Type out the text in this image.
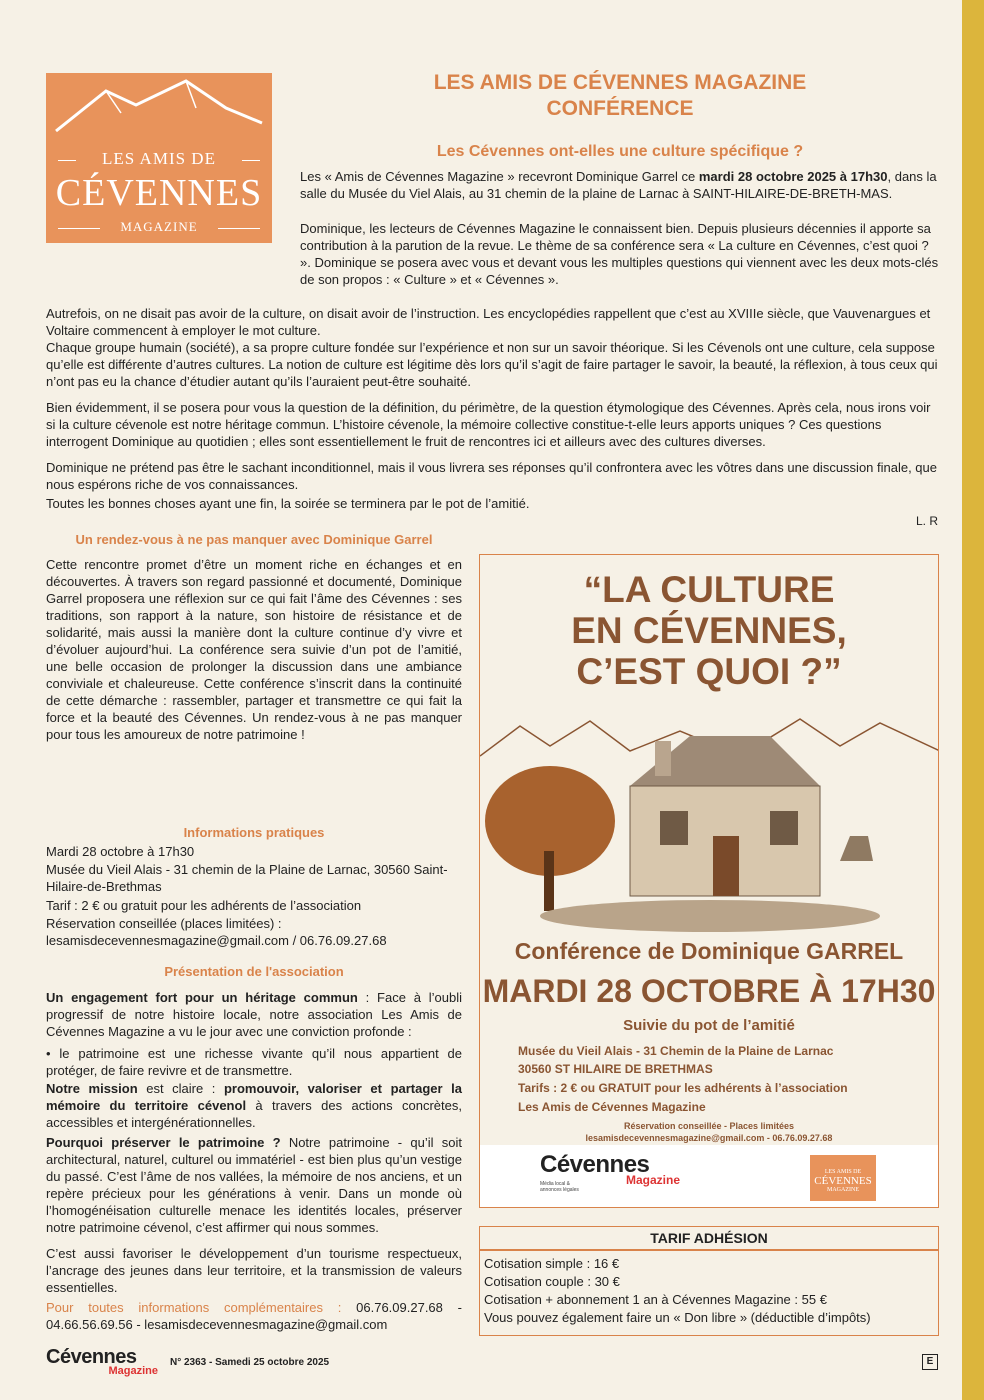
LES AMIS DE
CÉVENNES
MAGAZINE
LES AMIS DE CÉVENNES MAGAZINE
CONFÉRENCE
Les Cévennes ont-elles une culture spécifique ?
Les « Amis de Cévennes Magazine » recevront Dominique Garrel ce mardi 28 octobre 2025 à 17h30, dans la salle du Musée du Viel Alais, au 31 chemin de la plaine de Larnac à SAINT-HILAIRE-DE-BRETH-MAS.
Dominique, les lecteurs de Cévennes Magazine le connaissent bien. Depuis plusieurs décennies il apporte sa contribution à la parution de la revue. Le thème de sa conférence sera « La culture en Cévennes, c’est quoi ? ». Dominique se posera avec vous et devant vous les multiples questions qui viennent avec les deux mots-clés de son propos : « Culture » et « Cévennes ».
Autrefois, on ne disait pas avoir de la culture, on disait avoir de l’instruction. Les encyclopédies rappellent que c’est au XVIIIe siècle, que Vauvenargues et Voltaire commencent à employer le mot culture.
Chaque groupe humain (société), a sa propre culture fondée sur l’expérience et non sur un savoir théorique. Si les Cévenols ont une culture, cela suppose qu’elle est différente d’autres cultures. La notion de culture est légitime dès lors qu’il s’agit de faire partager le savoir, la beauté, la réflexion, à tous ceux qui n’ont pas eu la chance d’étudier autant qu’ils l’auraient peut-être souhaité.
Bien évidemment, il se posera pour vous la question de la définition, du périmètre, de la question étymologique des Cévennes. Après cela, nous irons voir si la culture cévenole est notre héritage commun. L’histoire cévenole, la mémoire collective constitue-t-elle leurs apports uniques ? Ces questions interrogent Dominique au quotidien ; elles sont essentiellement le fruit de rencontres ici et ailleurs avec des cultures diverses.
Dominique ne prétend pas être le sachant inconditionnel, mais il vous livrera ses réponses qu’il confrontera avec les vôtres dans une discussion finale, que nous espérons riche de vos connaissances.
Toutes les bonnes choses ayant une fin, la soirée se terminera par le pot de l’amitié.
L. R
Un rendez-vous à ne pas manquer avec Dominique Garrel
Cette rencontre promet d’être un moment riche en échanges et en découvertes. À travers son regard passionné et documenté, Dominique Garrel proposera une réflexion sur ce qui fait l’âme des Cévennes : ses traditions, son rapport à la nature, son histoire de résistance et de solidarité, mais aussi la manière dont la culture continue d’y vivre et d’évoluer aujourd’hui. La conférence sera suivie d’un pot de l’amitié, une belle occasion de prolonger la discussion dans une ambiance conviviale et chaleureuse. Cette conférence s’inscrit dans la continuité de cette démarche : rassembler, partager et transmettre ce qui fait la force et la beauté des Cévennes. Un rendez-vous à ne pas manquer pour tous les amoureux de notre patrimoine !
Informations pratiques
Mardi 28 octobre à 17h30
Musée du Vieil Alais - 31 chemin de la Plaine de Larnac, 30560 Saint-Hilaire-de-Brethmas
Tarif : 2 € ou gratuit pour les adhérents de l’association
Réservation conseillée (places limitées) : lesamisdecevennesmagazine@gmail.com / 06.76.09.27.68
Présentation de l'association
Un engagement fort pour un héritage commun : Face à l’oubli progressif de notre histoire locale, notre association Les Amis de Cévennes Magazine a vu le jour avec une conviction profonde :
• le patrimoine est une richesse vivante qu’il nous appartient de protéger, de faire revivre et de transmettre.
Notre mission est claire : promouvoir, valoriser et partager la mémoire du territoire cévenol à travers des actions concrètes, accessibles et intergénérationnelles.
Pourquoi préserver le patrimoine ? Notre patrimoine - qu’il soit architectural, naturel, culturel ou immatériel - est bien plus qu’un vestige du passé. C’est l’âme de nos vallées, la mémoire de nos anciens, et un repère précieux pour les générations à venir. Dans un monde où l’homogénéisation culturelle menace les identités locales, préserver notre patrimoine cévenol, c’est affirmer qui nous sommes.
C’est aussi favoriser le développement d’un tourisme respectueux, l’ancrage des jeunes dans leur territoire, et la transmission de valeurs essentielles.
Pour toutes informations complémentaires : 06.76.09.27.68 - 04.66.56.69.56 - lesamisdecevennesmagazine@gmail.com
“LA CULTURE
EN CÉVENNES,
C’EST QUOI ?”
Conférence de Dominique GARREL
MARDI 28 OCTOBRE À 17H30
Suivie du pot de l’amitié
Musée du Vieil Alais - 31 Chemin de la Plaine de Larnac
30560 ST HILAIRE DE BRETHMAS
Tarifs : 2 € ou GRATUIT pour les adhérents à l’association
Les Amis de Cévennes Magazine
Réservation conseillée - Places limitées
lesamisdecevennesmagazine@gmail.com - 06.76.09.27.68
Cévennes
Magazine
Média local & annonces légales
LES AMIS DE
CÉVENNES
MAGAZINE
TARIF ADHÉSION
Cotisation simple : 16 €
Cotisation couple : 30 €
Cotisation + abonnement 1 an à Cévennes Magazine : 55 €
Vous pouvez également faire un « Don libre » (déductible d’impôts)
Cévennes
Magazine
N° 2363 - Samedi 25 octobre 2025	E
